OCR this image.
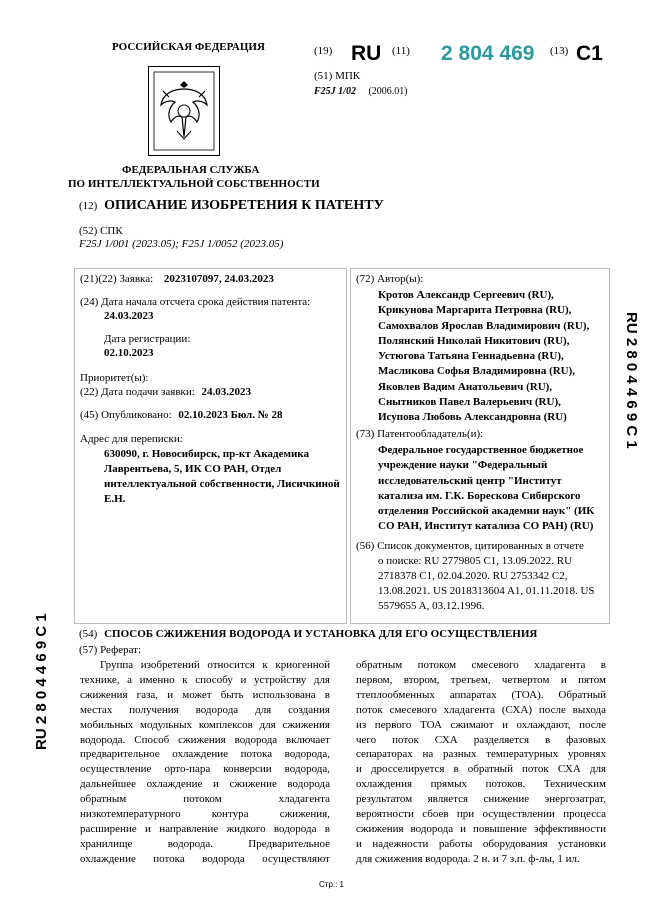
РОССИЙСКАЯ ФЕДЕРАЦИЯ
ФЕДЕРАЛЬНАЯ СЛУЖБА
ПО ИНТЕЛЛЕКТУАЛЬНОЙ СОБСТВЕННОСТИ
(19) RU (11) 2 804 469 (13) C1
(51) МПК
F25J 1/02 (2006.01)
(12) ОПИСАНИЕ ИЗОБРЕТЕНИЯ К ПАТЕНТУ
(52) СПК
F25J 1/001 (2023.05); F25J 1/0052 (2023.05)
(21)(22) Заявка: 2023107097, 24.03.2023
(24) Дата начала отсчета срока действия патента:
24.03.2023
Дата регистрации:
02.10.2023
Приоритет(ы):
(22) Дата подачи заявки: 24.03.2023
(45) Опубликовано: 02.10.2023 Бюл. № 28
Адрес для переписки:
630090, г. Новосибирск, пр-кт Академика
Лаврентьева, 5, ИК СО РАН, Отдел
интеллектуальной собственности, Лисичкиной
Е.Н.
(72) Автор(ы):
Кротов Александр Сергеевич (RU),
Крикунова Маргарита Петровна (RU),
Самохвалов Ярослав Владимирович (RU),
Полянский Николай Никитович (RU),
Устюгова Татьяна Геннадьевна (RU),
Масликова Софья Владимировна (RU),
Яковлев Вадим Анатольевич (RU),
Снытников Павел Валерьевич (RU),
Исупова Любовь Александровна (RU)
(73) Патентообладатель(и):
Федеральное государственное бюджетное
учреждение науки "Федеральный
исследовательский центр "Институт
катализа им. Г.К. Борескова Сибирского
отделения Российской академии наук" (ИК
СО РАН, Институт катализа СО РАН) (RU)
(56) Список документов, цитированных в отчете
о поиске: RU 2779805 C1, 13.09.2022. RU
2718378 C1, 02.04.2020. RU 2753342 C2,
13.08.2021. US 2018313604 A1, 01.11.2018. US
5579655 A, 03.12.1996.
RU 2 8 0 4 4 6 9 C 1
RU 2 8 0 4 4 6 9 C 1	(54) СПОСОБ СЖИЖЕНИЯ ВОДОРОДА И УСТАНОВКА ДЛЯ ЕГО ОСУЩЕСТВЛЕНИЯ
(57) Реферат:
Группа изобретений относится к криогенной
технике, а именно к способу и устройству для
сжижения газа, и может быть использована в
местах получения водорода для создания
мобильных модульных комплексов для сжижения
водорода. Способ сжижения водорода включает
предварительное охлаждение потока водорода,
осуществление орто-пара конверсии водорода,
дальнейшее охлаждение и сжижение водорода
обратным потоком хладагента
низкотемпературного контура сжижения,
расширение и направление жидкого водорода в
хранилище водорода. Предварительное
охлаждение потока водорода осуществляют
обратным потоком смесевого хладагента в
первом, втором, третьем, четвертом и пятом
ттеплообменных аппаратах (ТОА). Обратный
поток смесевого хладагента (СХА) после выхода
из первого ТОА сжимают и охлаждают, после
чего поток СХА разделяется в фазовых
сепараторах на разных температурных уровнях
и дросселируется в обратный поток СХА для
охлаждения прямых потоков. Техническим
результатом является снижение энергозатрат,
вероятности сбоев при осуществлении процесса
сжижения водорода и повышение эффективности
и надежности работы оборудования установки
для сжижения водорода. 2 н. и 7 з.п. ф-лы, 1 ил.
Стр.: 1
